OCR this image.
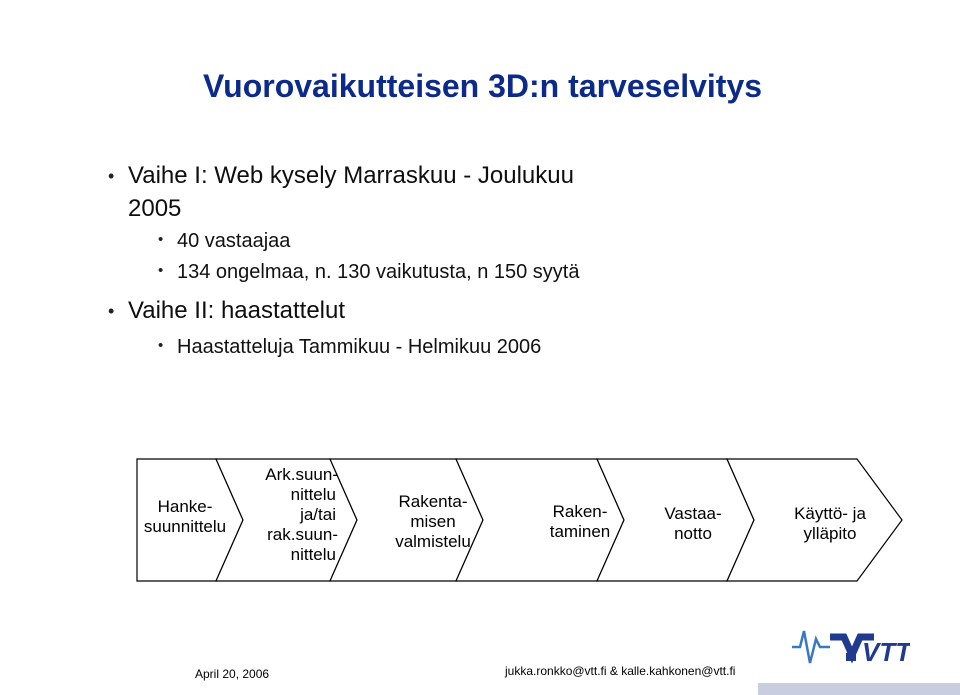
Vuorovaikutteisen 3D:n tarveselvitys
• Vaihe I: Web kysely Marraskuu - Joulukuu
2005
• 40 vastaajaa
• 134 ongelmaa, n. 130 vaikutusta, n 150 syytä
• Vaihe II: haastattelut
• Haastatteluja Tammikuu - Helmikuu 2006
Hanke-
suunnittelu
Ark.suun-
nittelu
ja/tai
rak.suun-
nittelu
Rakenta-
misen
valmistelu
Raken-
taminen
Vastaa-
notto
Käyttö- ja
ylläpito
VTT
April 20, 2006	jukka.ronkko@vtt.fi & kalle.kahkonen@vtt.fi
